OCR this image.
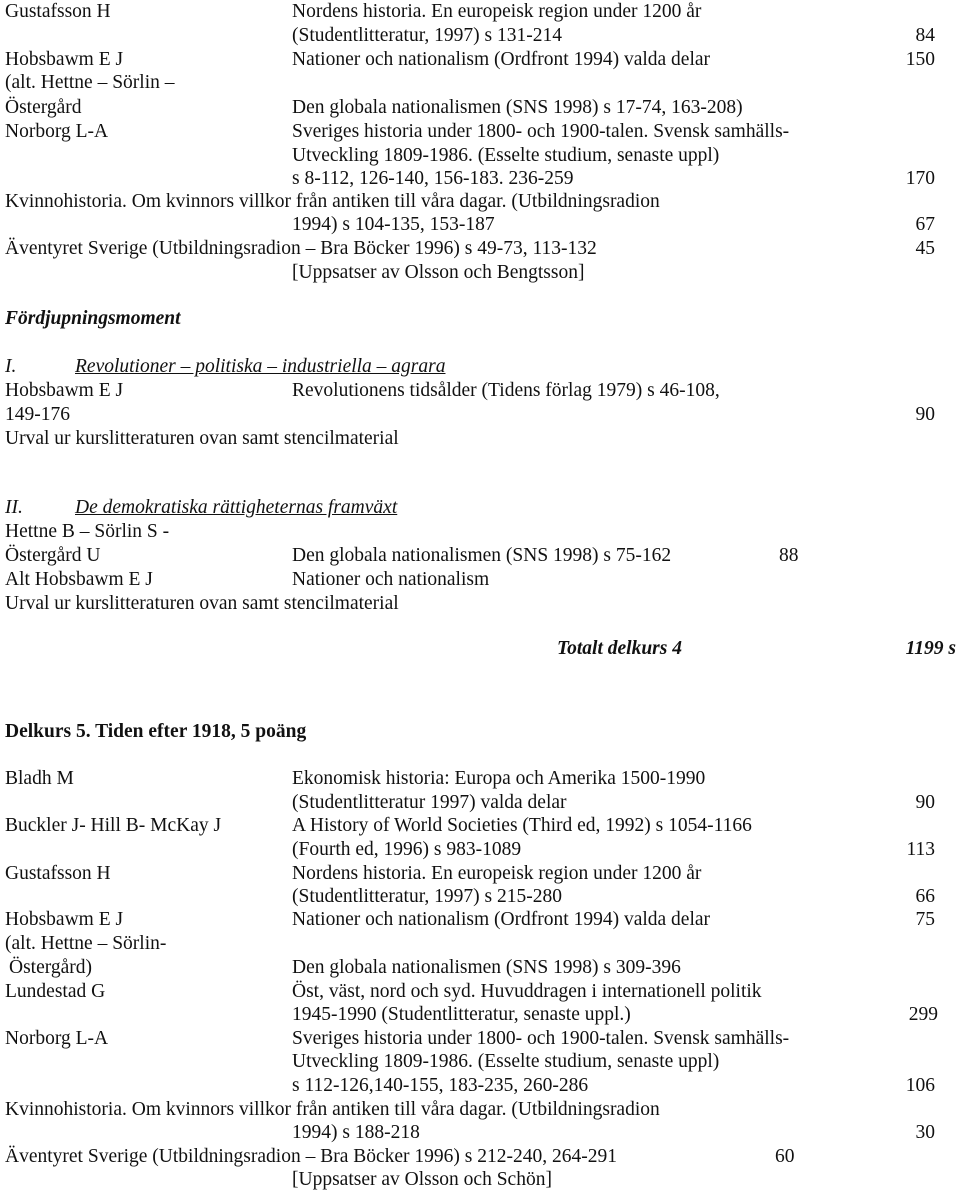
Gustafsson H	Nordens historia. En europeisk region under 1200 år
(Studentlitteratur, 1997) s 131-214	84
Hobsbawm E J	Nationer och nationalism (Ordfront 1994) valda delar	150
(alt. Hettne – Sörlin –
Östergård	Den globala nationalismen (SNS 1998) s 17-74, 163-208)
Norborg L-A	Sveriges historia under 1800- och 1900-talen. Svensk samhälls-
Utveckling 1809-1986. (Esselte studium, senaste uppl)
s 8-112, 126-140, 156-183. 236-259	170
Kvinnohistoria. Om kvinnors villkor från antiken till våra dagar. (Utbildningsradion
1994) s 104-135, 153-187	67
Äventyret Sverige (Utbildningsradion – Bra Böcker 1996) s 49-73, 113-132	45
[Uppsatser av Olsson och Bengtsson]
Fördjupningsmoment
I.	Revolutioner – politiska – industriella – agrara
Hobsbawm E J	Revolutionens tidsålder (Tidens förlag 1979) s 46-108,
149-176	90
Urval ur kurslitteraturen ovan samt stencilmaterial
II.	De demokratiska rättigheternas framväxt
Hettne B – Sörlin S -
Östergård U	Den globala nationalismen (SNS 1998) s 75-162	88
Alt Hobsbawm E J	Nationer och nationalism
Urval ur kurslitteraturen ovan samt stencilmaterial
Totalt delkurs 4	1199 s
Delkurs 5. Tiden efter 1918, 5 poäng
Bladh M	Ekonomisk historia: Europa och Amerika 1500-1990
(Studentlitteratur 1997) valda delar	90
Buckler J- Hill B- McKay J	A History of World Societies (Third ed, 1992) s 1054-1166
(Fourth ed, 1996) s 983-1089	113
Gustafsson H	Nordens historia. En europeisk region under 1200 år
(Studentlitteratur, 1997) s 215-280	66
Hobsbawm E J	Nationer och nationalism (Ordfront 1994) valda delar	75
(alt. Hettne – Sörlin-
Östergård)	Den globala nationalismen (SNS 1998) s 309-396
Lundestad G	Öst, väst, nord och syd. Huvuddragen i internationell politik
1945-1990 (Studentlitteratur, senaste uppl.)	299
Norborg L-A	Sveriges historia under 1800- och 1900-talen. Svensk samhälls-
Utveckling 1809-1986. (Esselte studium, senaste uppl)
s 112-126,140-155, 183-235, 260-286	106
Kvinnohistoria. Om kvinnors villkor från antiken till våra dagar. (Utbildningsradion
1994) s 188-218	30
Äventyret Sverige (Utbildningsradion – Bra Böcker 1996) s 212-240, 264-291	60
[Uppsatser av Olsson och Schön]
